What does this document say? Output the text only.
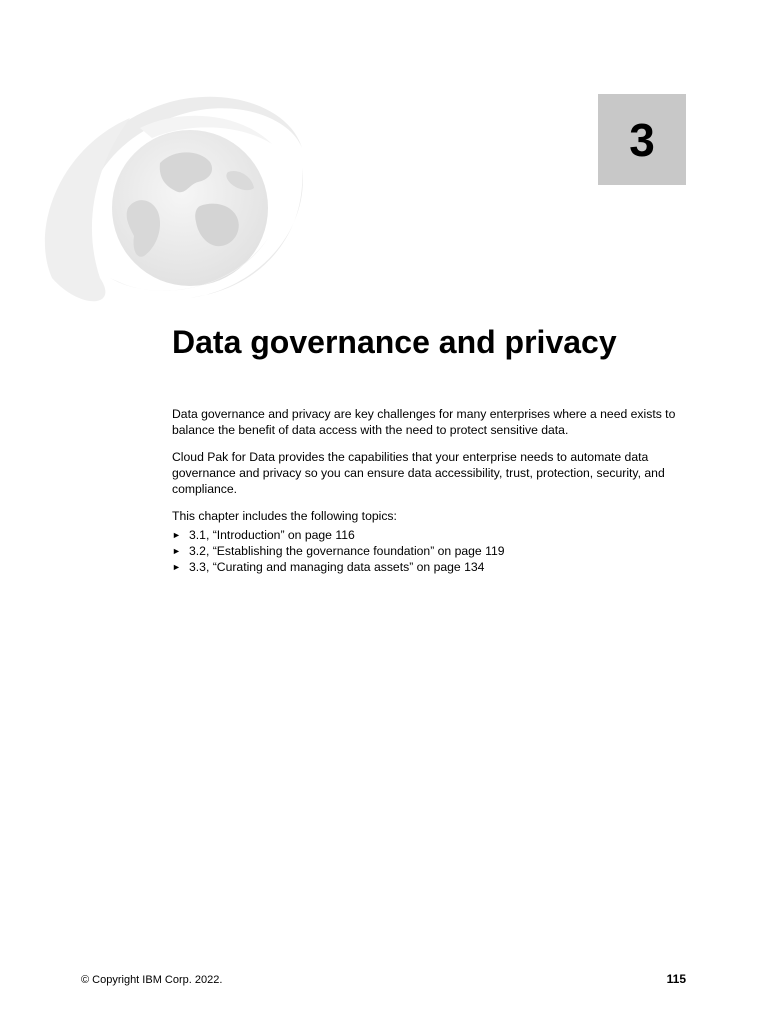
3
Data governance and privacy

Data governance and privacy are key challenges for many enterprises where a need exists to balance the benefit of data access with the need to protect sensitive data.

Cloud Pak for Data provides the capabilities that your enterprise needs to automate data governance and privacy so you can ensure data accessibility, trust, protection, security, and compliance.

This chapter includes the following topics:

► 3.1, “Introduction” on page 116
► 3.2, “Establishing the governance foundation” on page 119
► 3.3, “Curating and managing data assets” on page 134
© Copyright IBM Corp. 2022.	115
